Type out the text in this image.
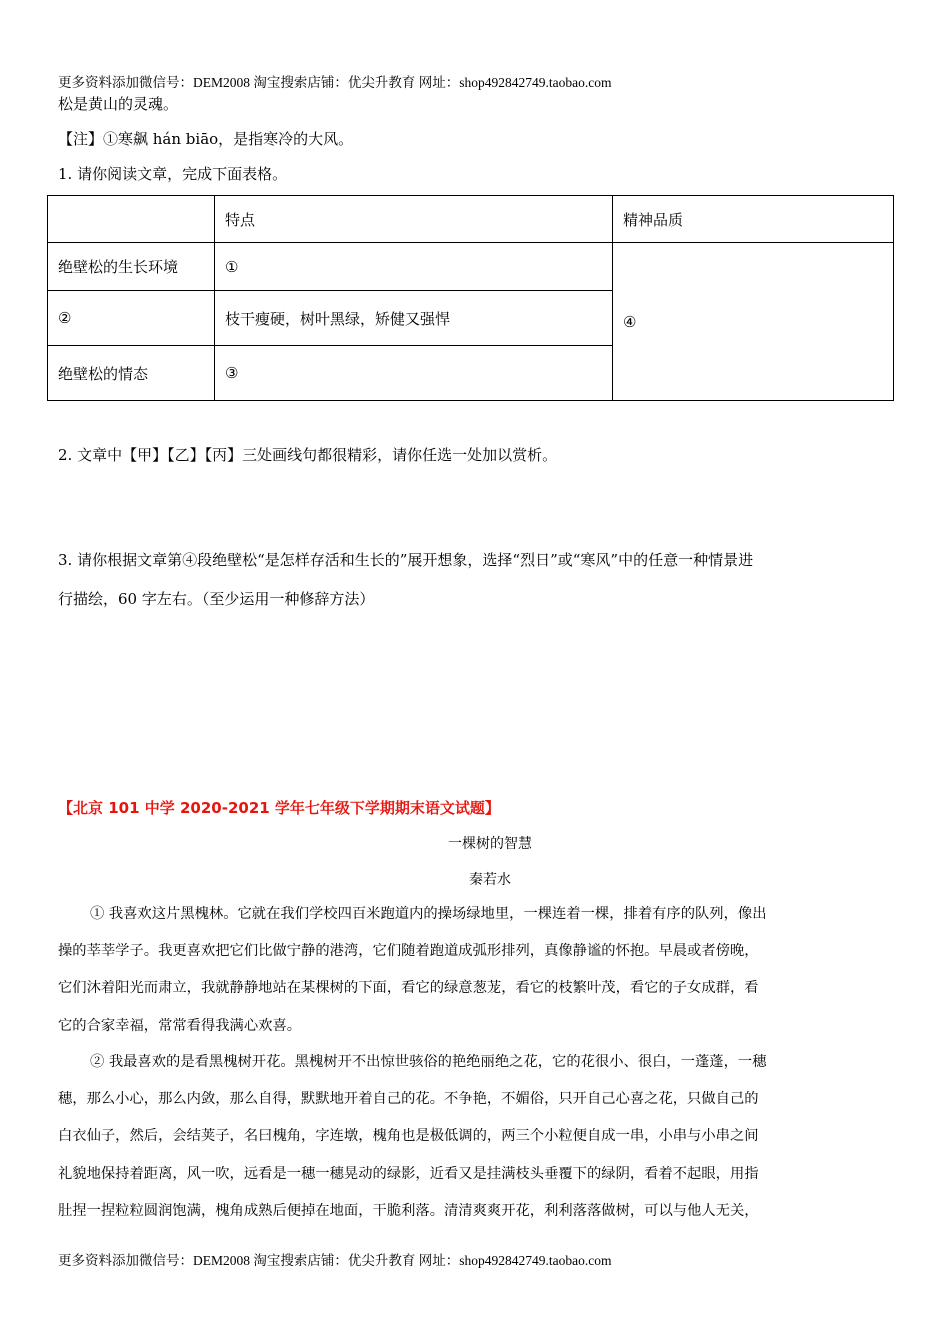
更多资料添加微信号：DEM2008 淘宝搜索店铺：优尖升教育 网址：shop492842749.taobao.com
松是黄山的灵魂。
【注】①寒飙 hán biāo，是指寒冷的大风。
1. 请你阅读文章，完成下面表格。
	特点	精神品质
绝壁松的生长环境	①	④
②	枝干瘦硬，树叶黑绿，矫健又强悍	
绝壁松的情态	③	
2. 文章中【甲】【乙】【丙】三处画线句都很精彩，请你任选一处加以赏析。
3. 请你根据文章第④段绝壁松“是怎样存活和生长的”展开想象，选择“烈日”或“寒风”中的任意一种情景进
行描绘，60 字左右。（至少运用一种修辞方法）
【北京 101 中学 2020-2021 学年七年级下学期期末语文试题】
一棵树的智慧
秦若水
① 我喜欢这片黑槐林。它就在我们学校四百米跑道内的操场绿地里，一棵连着一棵，排着有序的队列，像出
操的莘莘学子。我更喜欢把它们比做宁静的港湾，它们随着跑道成弧形排列，真像静谧的怀抱。早晨或者傍晚，
它们沐着阳光而肃立，我就静静地站在某棵树的下面，看它的绿意葱茏，看它的枝繁叶茂，看它的子女成群，看
它的合家幸福，常常看得我满心欢喜。
② 我最喜欢的是看黑槐树开花。黑槐树开不出惊世骇俗的艳绝丽绝之花，它的花很小、很白，一蓬蓬，一穗
穗，那么小心，那么内敛，那么自得，默默地开着自己的花。不争艳，不媚俗，只开自己心喜之花，只做自己的
白衣仙子，然后，会结荚子，名曰槐角，字连墩，槐角也是极低调的，两三个小粒便自成一串，小串与小串之间
礼貌地保持着距离，风一吹，远看是一穗一穗晃动的绿影，近看又是挂满枝头垂覆下的绿阴，看着不起眼，用指
肚捏一捏粒粒圆润饱满，槐角成熟后便掉在地面，干脆利落。清清爽爽开花，利利落落做树，可以与他人无关，
更多资料添加微信号：DEM2008 淘宝搜索店铺：优尖升教育 网址：shop492842749.taobao.com
